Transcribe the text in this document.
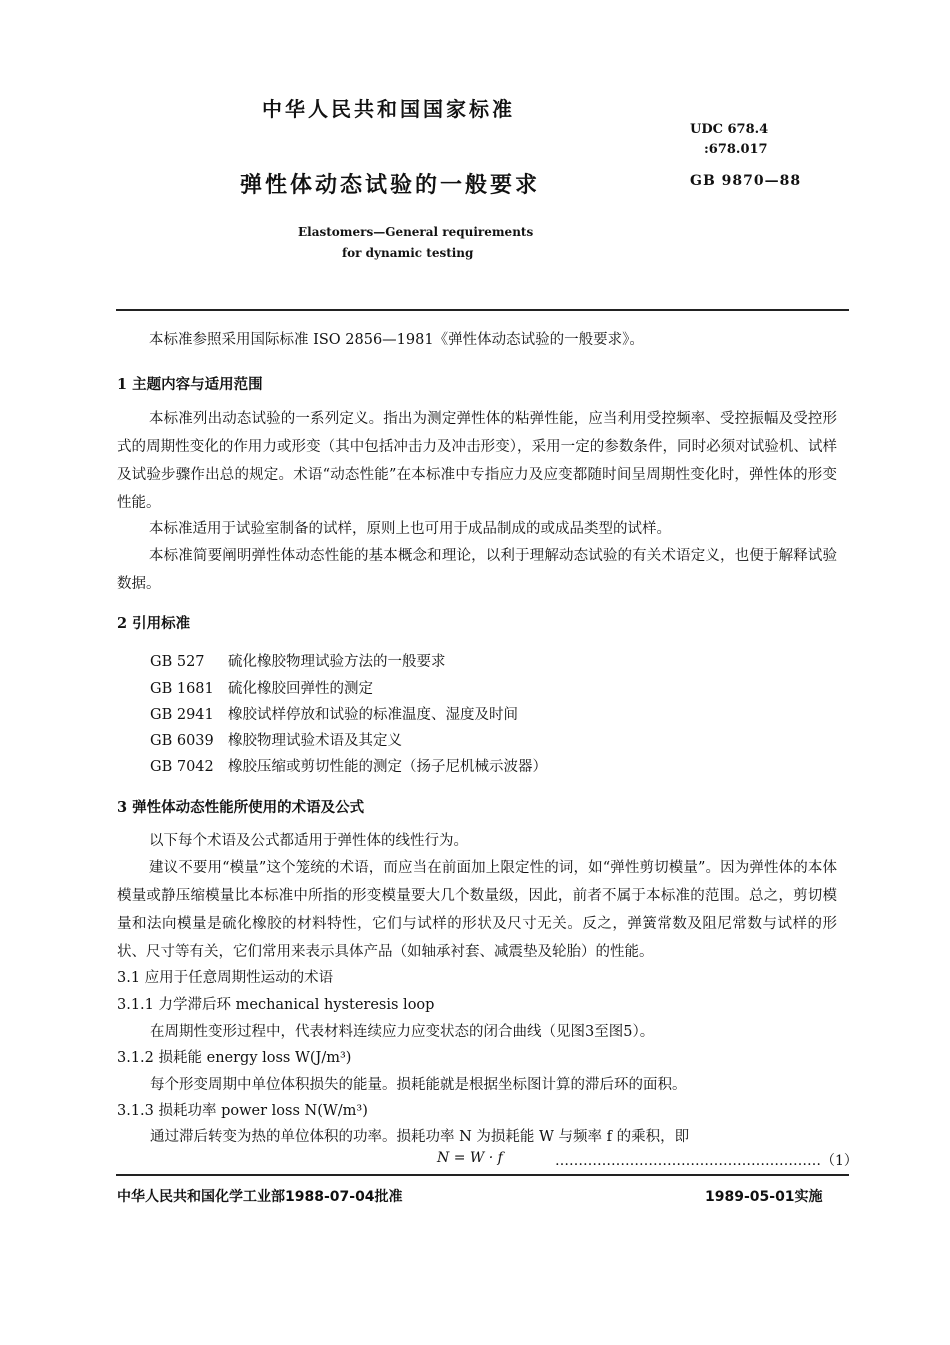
中华人民共和国国家标准
UDC 678.4
:678.017
弹性体动态试验的一般要求	GB 9870—88
Elastomers—General requirements
for dynamic testing

本标准参照采用国际标准 ISO 2856—1981《弹性体动态试验的一般要求》。

1 主题内容与适用范围

本标准列出动态试验的一系列定义。指出为测定弹性体的粘弹性能，应当利用受控频率、受控振幅及受控形式的周期性变化的作用力或形变（其中包括冲击力及冲击形变），采用一定的参数条件，同时必须对试验机、试样及试验步骤作出总的规定。术语“动态性能”在本标准中专指应力及应变都随时间呈周期性变化时，弹性体的形变性能。

本标准适用于试验室制备的试样，原则上也可用于成品制成的或成品类型的试样。

本标准简要阐明弹性体动态性能的基本概念和理论，以利于理解动态试验的有关术语定义，也便于解释试验数据。

2 引用标准
GB 527 硫化橡胶物理试验方法的一般要求
GB 1681 硫化橡胶回弹性的测定
GB 2941 橡胶试样停放和试验的标准温度、湿度及时间
GB 6039 橡胶物理试验术语及其定义
GB 7042 橡胶压缩或剪切性能的测定（扬子尼机械示波器）
3 弹性体动态性能所使用的术语及公式

以下每个术语及公式都适用于弹性体的线性行为。

建议不要用“模量”这个笼统的术语，而应当在前面加上限定性的词，如“弹性剪切模量”。因为弹性体的本体模量或静压缩模量比本标准中所指的形变模量要大几个数量级，因此，前者不属于本标准的范围。总之，剪切模量和法向模量是硫化橡胶的材料特性，它们与试样的形状及尺寸无关。反之，弹簧常数及阻尼常数与试样的形状、尺寸等有关，它们常用来表示具体产品（如轴承衬套、减震垫及轮胎）的性能。

3.1 应用于任意周期性运动的术语
3.1.1 力学滞后环 mechanical hysteresis loop
在周期性变形过程中，代表材料连续应力应变状态的闭合曲线（见图3至图5）。
3.1.2 损耗能 energy loss W(J/m³)
每个形变周期中单位体积损失的能量。损耗能就是根据坐标图计算的滞后环的面积。
3.1.3 损耗功率 power loss N(W/m³)
通过滞后转变为热的单位体积的功率。损耗功率 N 为损耗能 W 与频率 f 的乘积，即
N = W · f	…………………………………………………（1）
中华人民共和国化学工业部1988-07-04批准	1989-05-01实施
